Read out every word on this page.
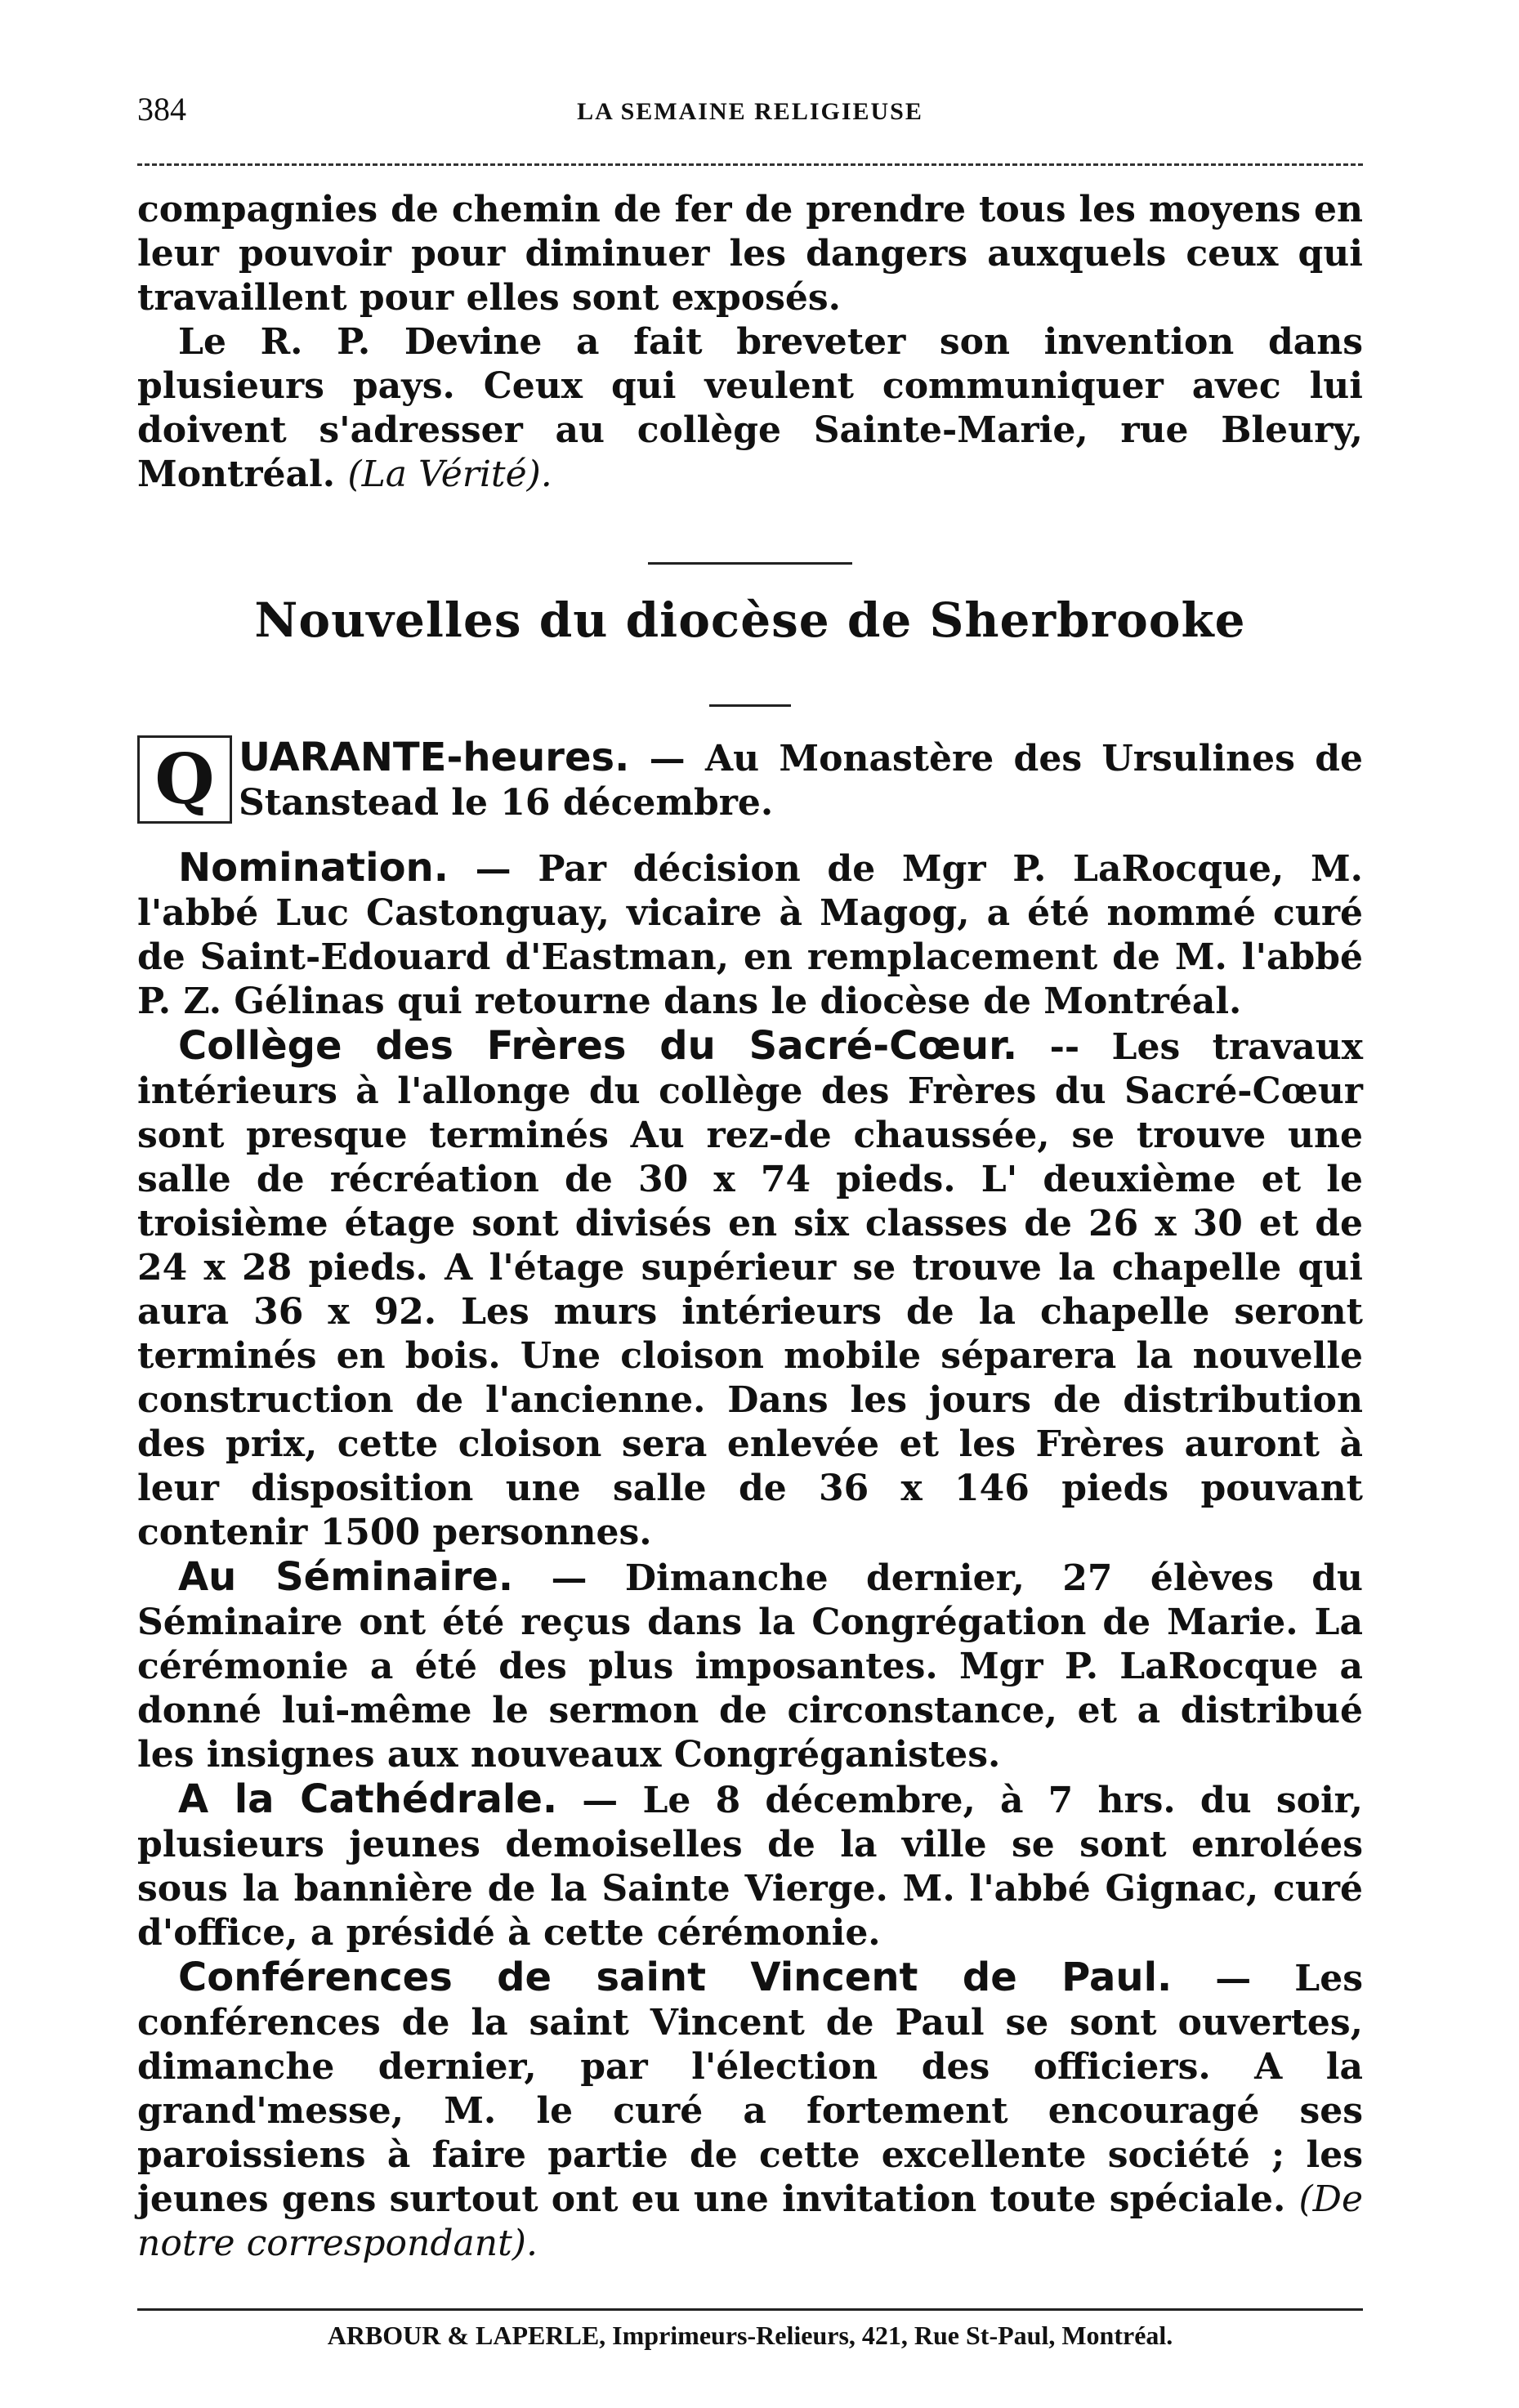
384	LA SEMAINE RELIGIEUSE

compagnies de chemin de fer de prendre tous les moyens en leur pouvoir pour diminuer les dangers auxquels ceux qui travaillent pour elles sont exposés.

Le R. P. Devine a fait breveter son invention dans plusieurs pays. Ceux qui veulent communiquer avec lui doivent s'adresser au collège Sainte-Marie, rue Bleury, Montréal. (La Vérité).

Nouvelles du diocèse de Sherbrooke
Q UARANTE-heures. — Au Monastère des Ursulines de Stanstead le 16 décembre.

Nomination. — Par décision de Mgr P. LaRocque, M. l'abbé Luc Castonguay, vicaire à Magog, a été nommé curé de Saint-Edouard d'Eastman, en remplacement de M. l'abbé P. Z. Gélinas qui retourne dans le diocèse de Montréal.

Collège des Frères du Sacré-Cœur. -- Les travaux intérieurs à l'allonge du collège des Frères du Sacré-Cœur sont presque terminés Au rez-de chaussée, se trouve une salle de récréation de 30 x 74 pieds. L' deuxième et le troisième étage sont divisés en six classes de 26 x 30 et de 24 x 28 pieds. A l'étage supérieur se trouve la chapelle qui aura 36 x 92. Les murs intérieurs de la chapelle seront terminés en bois. Une cloison mobile séparera la nouvelle construction de l'ancienne. Dans les jours de distribution des prix, cette cloison sera enlevée et les Frères auront à leur disposition une salle de 36 x 146 pieds pouvant contenir 1500 personnes.

Au Séminaire. — Dimanche dernier, 27 élèves du Séminaire ont été reçus dans la Congrégation de Marie. La cérémonie a été des plus imposantes. Mgr P. LaRocque a donné lui-même le sermon de circonstance, et a distribué les insignes aux nouveaux Congréganistes.

A la Cathédrale. — Le 8 décembre, à 7 hrs. du soir, plusieurs jeunes demoiselles de la ville se sont enrolées sous la bannière de la Sainte Vierge. M. l'abbé Gignac, curé d'office, a présidé à cette cérémonie.

Conférences de saint Vincent de Paul. — Les conférences de la saint Vincent de Paul se sont ouvertes, dimanche dernier, par l'élection des officiers. A la grand'messe, M. le curé a fortement encouragé ses paroissiens à faire partie de cette excellente société ; les jeunes gens surtout ont eu une invitation toute spéciale. (De notre correspondant).

ARBOUR & LAPERLE, Imprimeurs-Relieurs, 421, Rue St-Paul, Montréal.
